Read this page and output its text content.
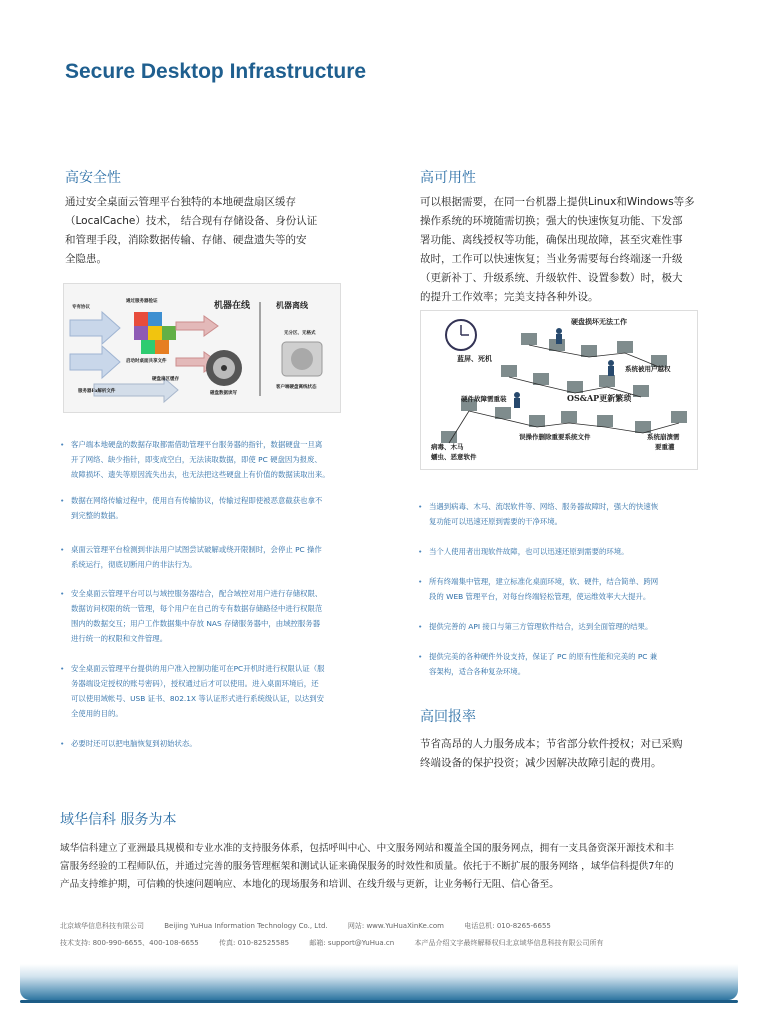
Secure Desktop Infrastructure
高安全性
通过安全桌面云管理平台独特的本地硬盘扇区缓存
（LocalCache）技术， 结合现有存储设备、身份认证
和管理手段，消除数据传输、存储、硬盘遗失等的安
全隐患。
机器在线	机器离线
专有协议
通过服务器验证
启动时桌面共享文件
硬盘扇区缓存
磁盘数据读写
服务器Fa解析文件
无分区、无格式
客户端硬盘离线状态
• 客户端本地硬盘的数据存取都需借助管理平台服务器的指针，数据硬盘一旦离
开了网络、缺少指针，即变成空白，无法读取数据，即使 PC 硬盘因为报废、
故障损坏、遗失等原因流失出去，也无法把这些硬盘上有价值的数据读取出来。
• 数据在网络传输过程中，使用自有传输协议，传输过程即使被恶意截获也拿不
到完整的数据。
• 桌面云管理平台检测到非法用户试图尝试破解或绕开限制时，会停止 PC 操作
系统运行，彻底切断用户的非法行为。
• 安全桌面云管理平台可以与域控服务器结合，配合域控对用户进行存储权限、
数据访问权限的统一管理，每个用户在自己的专有数据存储路径中进行权限范
围内的数据交互；用户工作数据集中存放 NAS 存储服务器中，由域控服务器
进行统一的权限和文件管理。
• 安全桌面云管理平台提供的用户准入控制功能可在PC开机时进行权限认证（服
务器端设定授权的账号密码），授权通过后才可以使用。进入桌面环境后，还
可以使用域帐号、USB 证书、802.1X 等认证形式进行系统级认证，以达到安
全使用的目的。
• 必要时还可以把电脑恢复到初始状态。
高可用性
可以根据需要，在同一台机器上提供Linux和Windows等多
操作系统的环境随需切换；强大的快速恢复功能、下发部
署功能、离线授权等功能，确保出现故障，甚至灾难性事
故时，工作可以快速恢复；当业务需要每台终端逐一升级
（更新补丁、升级系统、升级软件、设置参数）时，极大
的提升工作效率；完美支持各种外设。
硬盘损坏无法工作
蓝屏、死机
系统被用户越权
硬件故障需重装	OS&AP更新繁琐
病毒、木马
蠕虫、恶意软件
误操作删除重要系统文件	系统崩溃需
要重灌
• 当遇到病毒、木马、流氓软件等、网络、服务器故障时，强大的快速恢
复功能可以迅速还原到需要的干净环境。
• 当个人使用者出现软件故障，也可以迅速还原到需要的环境。
• 所有终端集中管理，建立标准化桌面环境，软、硬件，结合简单、跨网
段的 WEB 管理平台，对每台终端轻松管理，使运维效率大大提升。
• 提供完善的 API 接口与第三方管理软件结合，达到全面管理的结果。
• 提供完美的各种硬件外设支持，保证了 PC 的原有性能和完美的 PC 兼
容架构，适合各种复杂环境。
高回报率
节省高昂的人力服务成本；节省部分软件授权；对已采购
终端设备的保护投资；减少因解决故障引起的费用。
域华信科 服务为本
域华信科建立了亚洲最具规模和专业水准的支持服务体系，包括呼叫中心、中文服务网站和覆盖全国的服务网点，拥有一支具备资深开源技术和丰
富服务经验的工程师队伍，并通过完善的服务管理框架和测试认证来确保服务的时效性和质量。依托于不断扩展的服务网络 ，域华信科提供7年的
产品支持维护期，可信赖的快速问题响应、本地化的现场服务和培训、在线升级与更新，让业务畅行无阻、信心备至。
北京域华信息科技有限公司	Beijing YuHua Information Technology Co., Ltd.	网站: www.YuHuaXinKe.com	电话总机: 010-8265-6655
技术支持: 800-990-6655、400-108-6655	传真: 010-82525585	邮箱: support@YuHua.cn	本产品介绍文字最终解释权归北京域华信息科技有限公司所有
